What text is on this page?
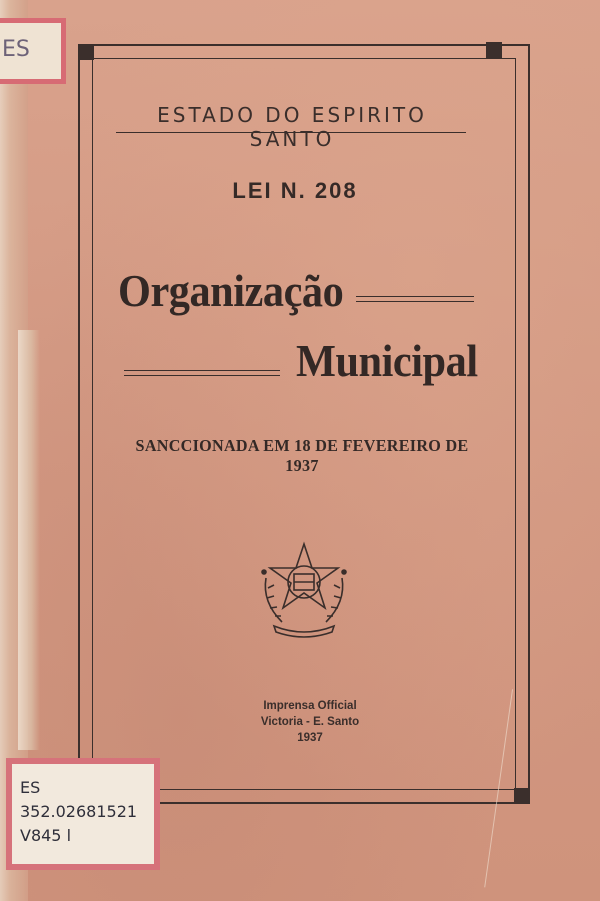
ESTADO DO ESPIRITO SANTO
LEI N. 208
Organização
Municipal
SANCCIONADA EM 18 DE FEVEREIRO DE 1937
Imprensa Official
Victoria - E. Santo
1937
ES
ES
352.02681521
V845 l
